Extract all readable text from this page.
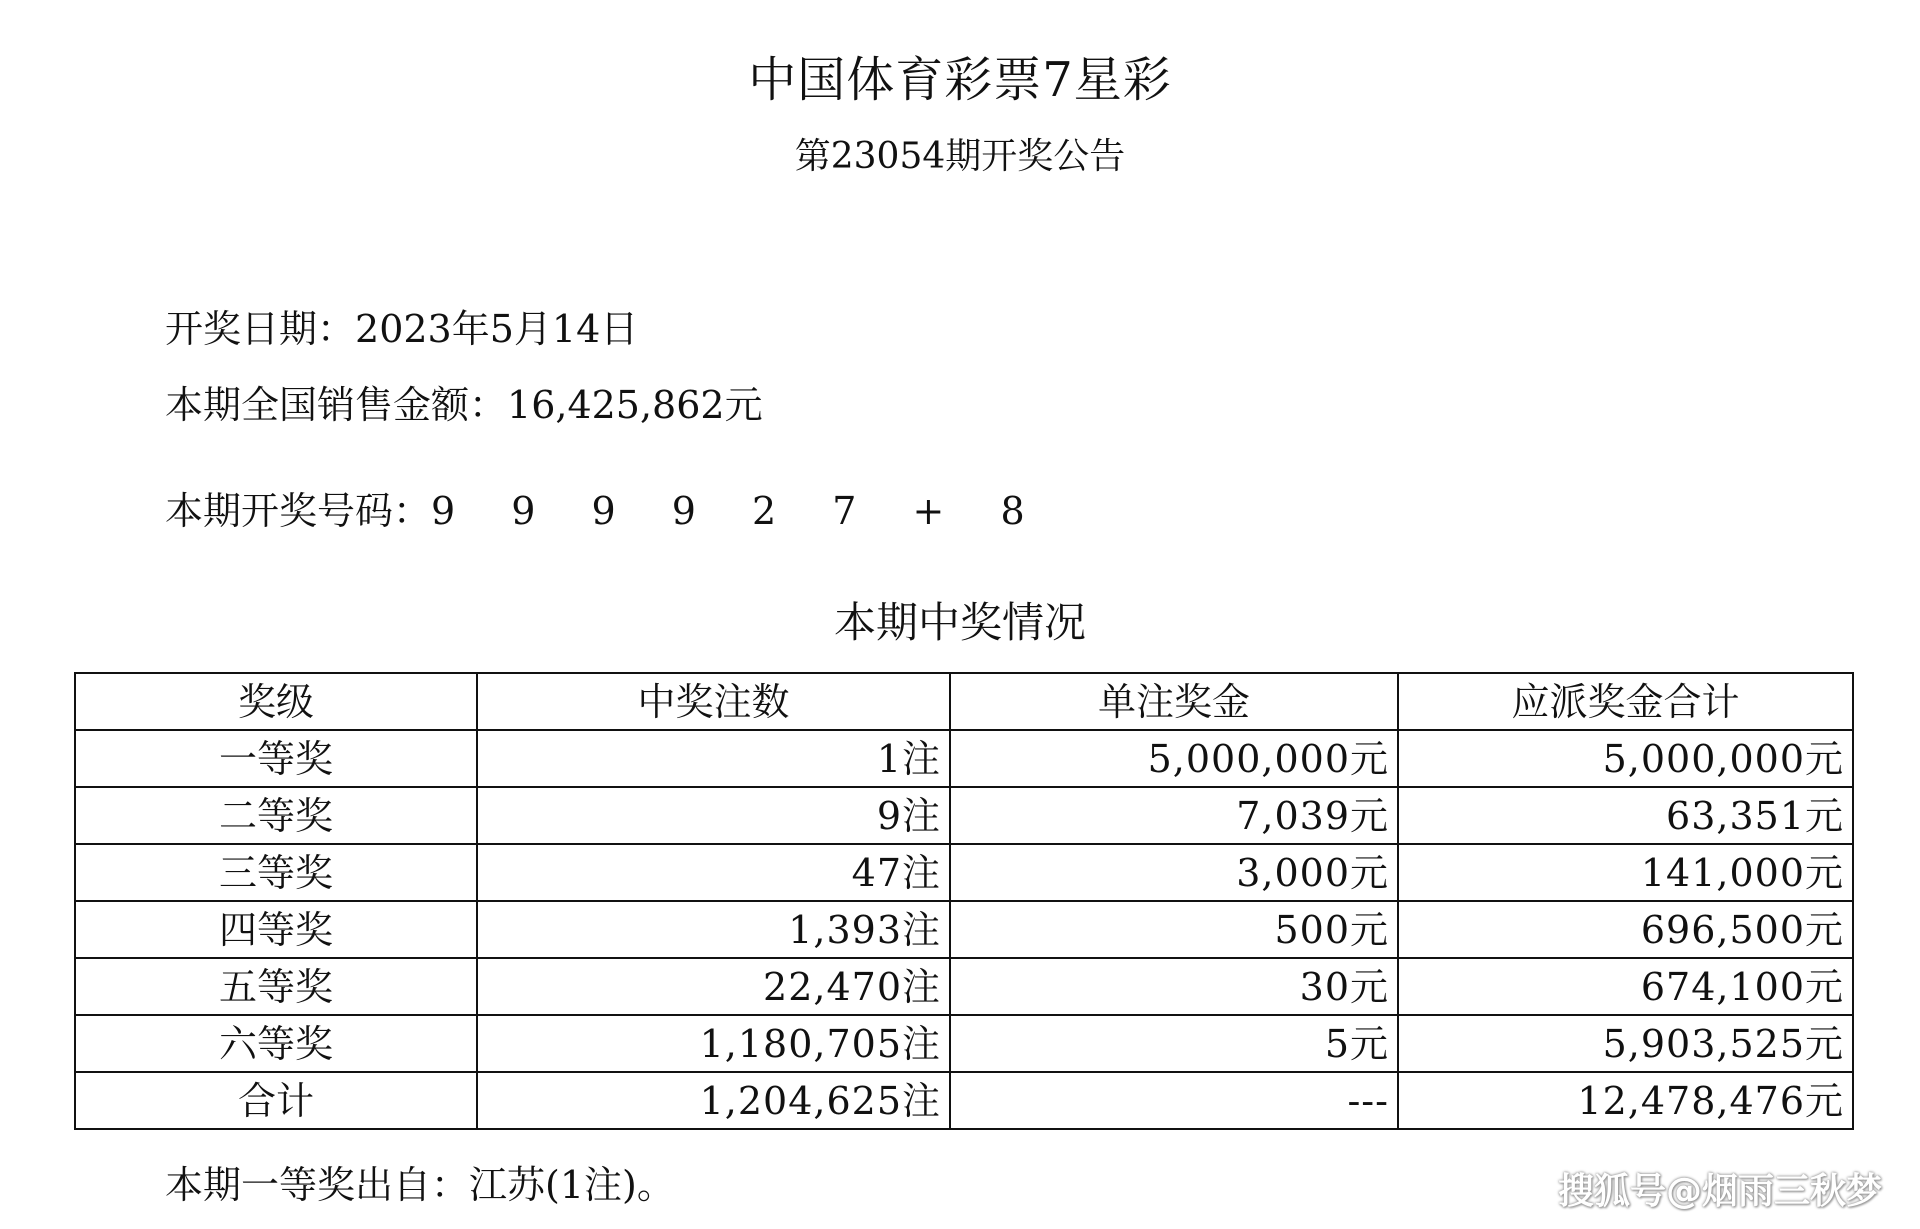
中国体育彩票7星彩
第23054期开奖公告
开奖日期：2023年5月14日
本期全国销售金额：16,425,862元
本期开奖号码：9 9 9 9 2 7 + 8
本期中奖情况
奖级	中奖注数	单注奖金	应派奖金合计
一等奖	1注	5,000,000元	5,000,000元
二等奖	9注	7,039元	63,351元
三等奖	47注	3,000元	141,000元
四等奖	1,393注	500元	696,500元
五等奖	22,470注	30元	674,100元
六等奖	1,180,705注	5元	5,903,525元
合计	1,204,625注	---	12,478,476元
本期一等奖出自：江苏(1注)。	搜狐号@烟雨三秋梦
